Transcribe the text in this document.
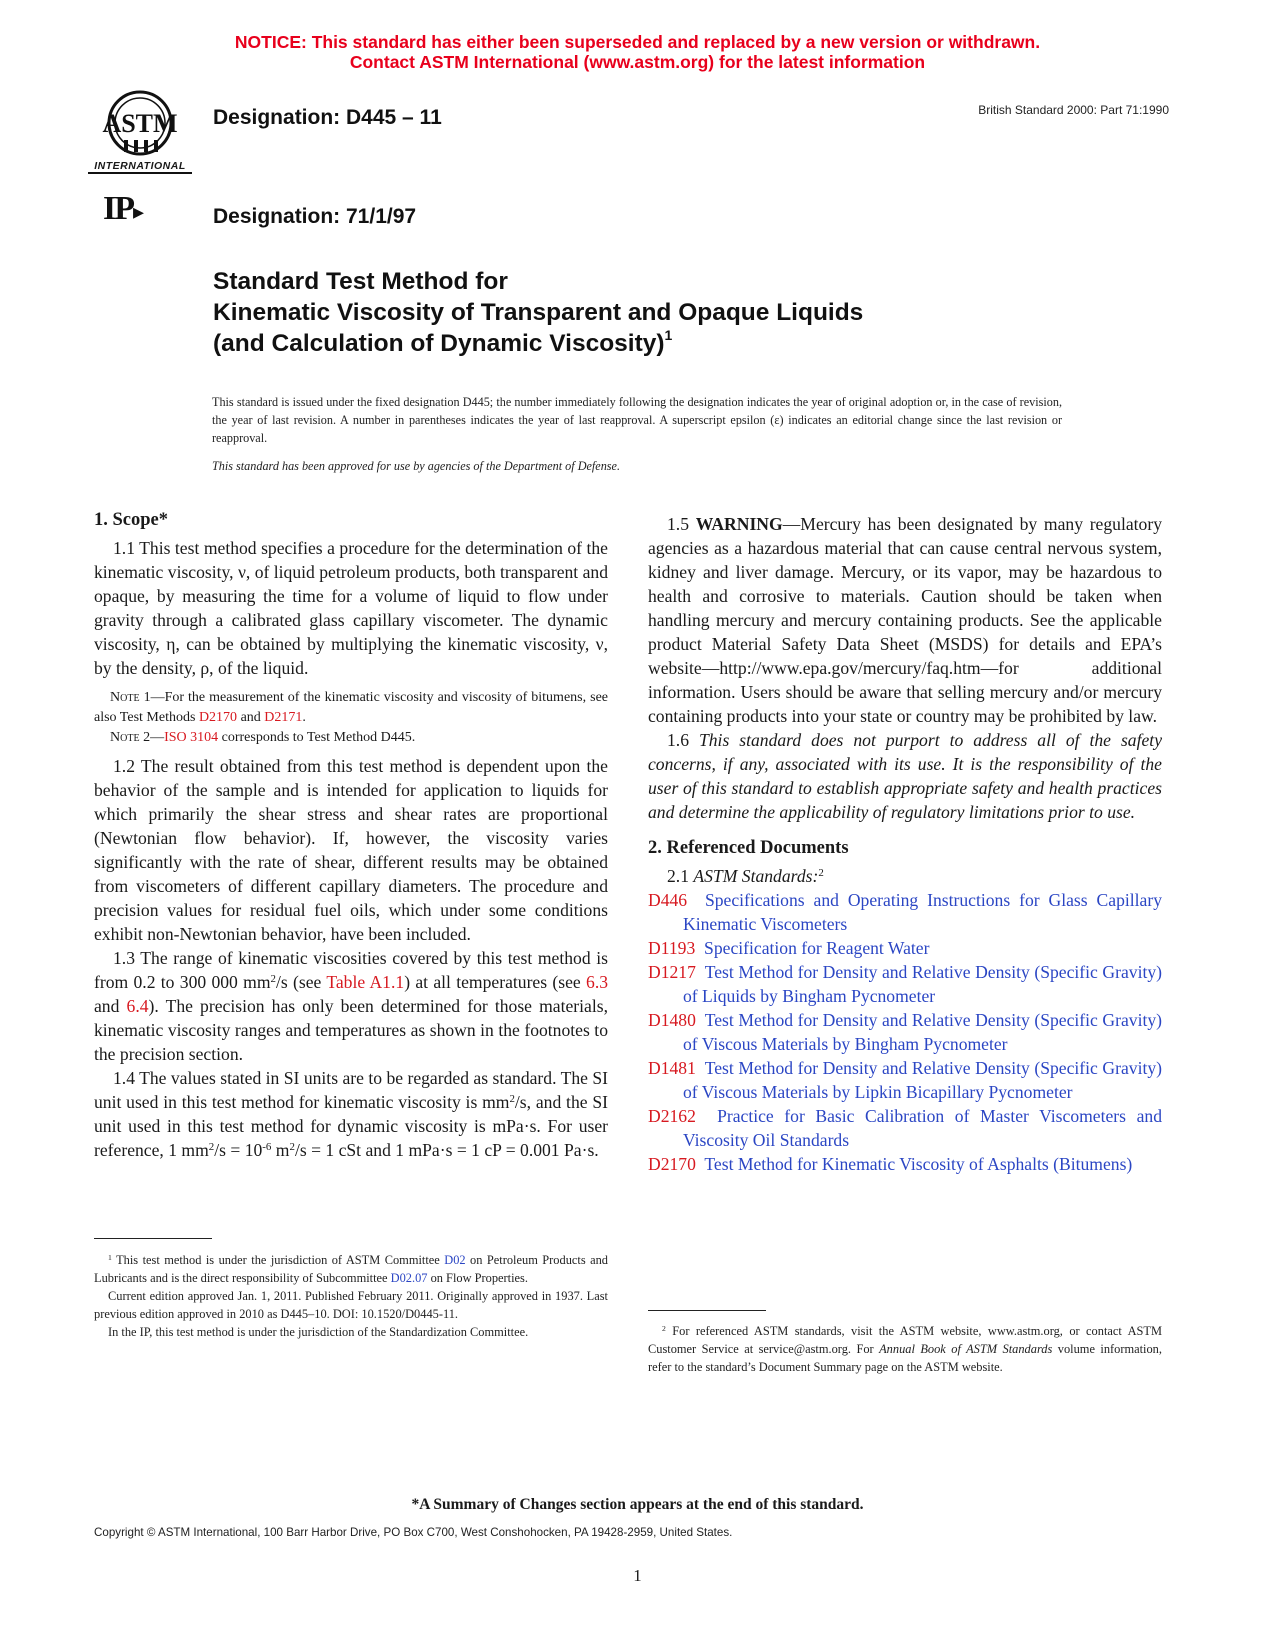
NOTICE: This standard has either been superseded and replaced by a new version or withdrawn.
Contact ASTM International (www.astm.org) for the latest information
ASTM
INTERNATIONAL
Designation: D445 – 11	British Standard 2000: Part 71:1990
IP▸	Designation: 71/1/97
Standard Test Method for
Kinematic Viscosity of Transparent and Opaque Liquids
(and Calculation of Dynamic Viscosity)$^1$
This standard is issued under the fixed designation D445; the number immediately following the designation indicates the year of original adoption or, in the case of revision, the year of last revision. A number in parentheses indicates the year of last reapproval. A superscript epsilon (ε) indicates an editorial change since the last revision or reapproval.
This standard has been approved for use by agencies of the Department of Defense.
1. Scope*

1.1 This test method specifies a procedure for the determination of the kinematic viscosity, ν, of liquid petroleum products, both transparent and opaque, by measuring the time for a volume of liquid to flow under gravity through a calibrated glass capillary viscometer. The dynamic viscosity, η, can be obtained by multiplying the kinematic viscosity, ν, by the density, ρ, of the liquid.

Note 1—For the measurement of the kinematic viscosity and viscosity of bitumens, see also Test Methods D2170 and D2171.

Note 2—ISO 3104 corresponds to Test Method D445.

1.2 The result obtained from this test method is dependent upon the behavior of the sample and is intended for application to liquids for which primarily the shear stress and shear rates are proportional (Newtonian flow behavior). If, however, the viscosity varies significantly with the rate of shear, different results may be obtained from viscometers of different capillary diameters. The procedure and precision values for residual fuel oils, which under some conditions exhibit non-Newtonian behavior, have been included.

1.3 The range of kinematic viscosities covered by this test method is from 0.2 to 300 000 $mm^2/s$ (see Table A1.1) at all temperatures (see 6.3 and 6.4). The precision has only been determined for those materials, kinematic viscosity ranges and temperatures as shown in the footnotes to the precision section.

1.4 The values stated in SI units are to be regarded as standard. The SI unit used in this test method for kinematic viscosity is $mm^2/s$, and the SI unit used in this test method for dynamic viscosity is mPa·s. For user reference, 1 $mm^2/s = 10^{-6}$ $m^2/s = 1$ cSt and 1 mPa·s = 1 cP = 0.001 Pa·s.

$^1$ This test method is under the jurisdiction of ASTM Committee D02 on Petroleum Products and Lubricants and is the direct responsibility of Subcommittee D02.07 on Flow Properties.

Current edition approved Jan. 1, 2011. Published February 2011. Originally approved in 1937. Last previous edition approved in 2010 as D445–10. DOI: 10.1520/D0445-11.

In the IP, this test method is under the jurisdiction of the Standardization Committee.

1.5 WARNING—Mercury has been designated by many regulatory agencies as a hazardous material that can cause central nervous system, kidney and liver damage. Mercury, or its vapor, may be hazardous to health and corrosive to materials. Caution should be taken when handling mercury and mercury containing products. See the applicable product Material Safety Data Sheet (MSDS) for details and EPA’s website—http://www.epa.gov/mercury/faq.htm—for additional information. Users should be aware that selling mercury and/or mercury containing products into your state or country may be prohibited by law.

1.6 This standard does not purport to address all of the safety concerns, if any, associated with its use. It is the responsibility of the user of this standard to establish appropriate safety and health practices and determine the applicability of regulatory limitations prior to use.

2. Referenced Documents

2.1 ASTM Standards:$^2$

D446 Specifications and Operating Instructions for Glass Capillary Kinematic Viscometers

D1193 Specification for Reagent Water

D1217 Test Method for Density and Relative Density (Specific Gravity) of Liquids by Bingham Pycnometer

D1480 Test Method for Density and Relative Density (Specific Gravity) of Viscous Materials by Bingham Pycnometer

D1481 Test Method for Density and Relative Density (Specific Gravity) of Viscous Materials by Lipkin Bicapillary Pycnometer

D2162 Practice for Basic Calibration of Master Viscometers and Viscosity Oil Standards

D2170 Test Method for Kinematic Viscosity of Asphalts (Bitumens)

$^2$ For referenced ASTM standards, visit the ASTM website, www.astm.org, or contact ASTM Customer Service at service@astm.org. For Annual Book of ASTM Standards volume information, refer to the standard’s Document Summary page on the ASTM website.

*A Summary of Changes section appears at the end of this standard.
Copyright © ASTM International, 100 Barr Harbor Drive, PO Box C700, West Conshohocken, PA 19428-2959, United States.
1
